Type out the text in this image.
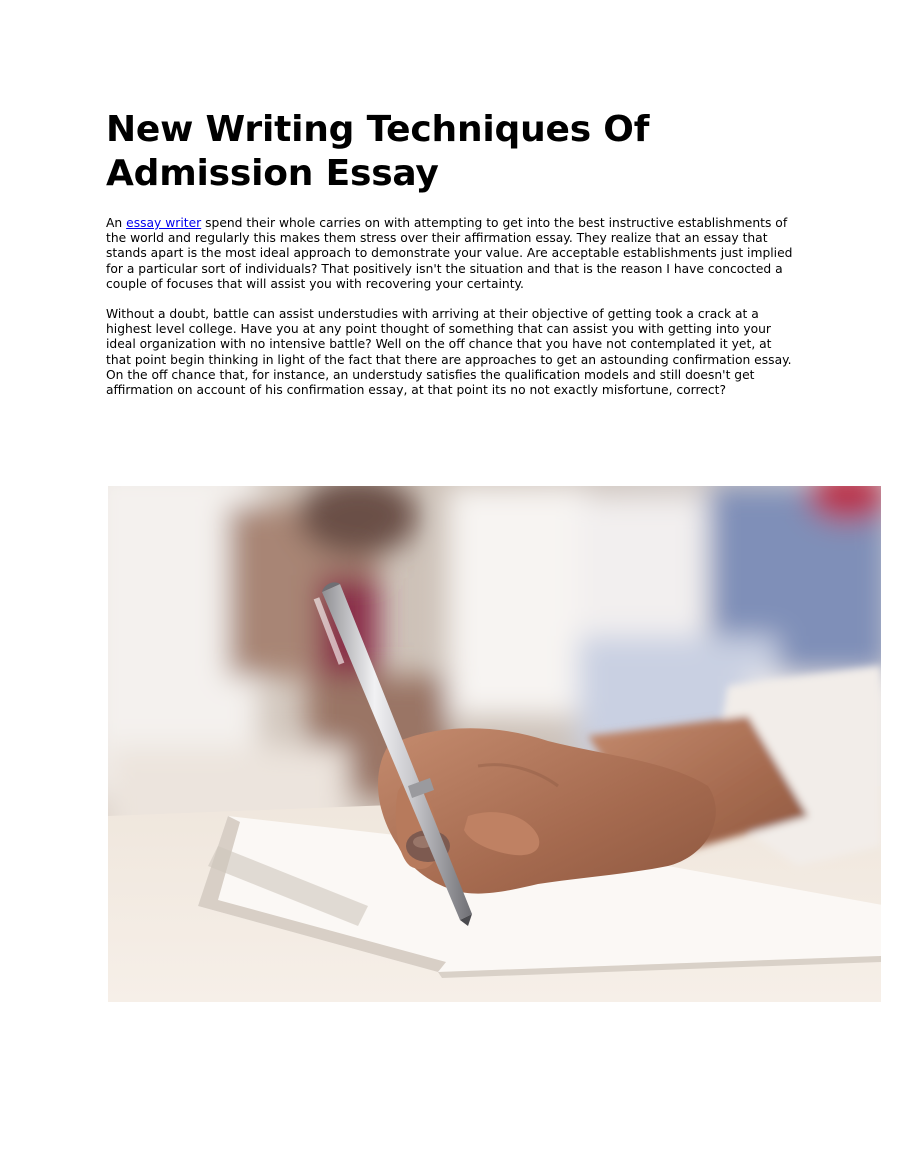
New Writing Techniques Of Admission Essay

An essay writer spend their whole carries on with attempting to get into the best instructive establishments of the world and regularly this makes them stress over their affirmation essay. They realize that an essay that stands apart is the most ideal approach to demonstrate your value. Are acceptable establishments just implied for a particular sort of individuals? That positively isn't the situation and that is the reason I have concocted a couple of focuses that will assist you with recovering your certainty.

Without a doubt, battle can assist understudies with arriving at their objective of getting took a crack at a highest level college. Have you at any point thought of something that can assist you with getting into your ideal organization with no intensive battle? Well on the off chance that you have not contemplated it yet, at that point begin thinking in light of the fact that there are approaches to get an astounding confirmation essay. On the off chance that, for instance, an understudy satisfies the qualification models and still doesn't get affirmation on account of his confirmation essay, at that point its no not exactly misfortune, correct?
